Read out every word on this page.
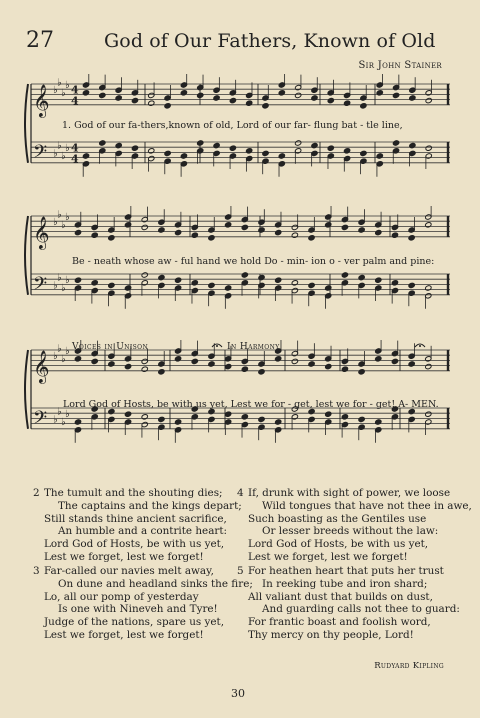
27	God of Our Fathers, Known of Old
Sir John Stainer
𝄞
𝄢
♭
♭
♭
♭
♭
♭
♭
♭
4
4
4
4
𝄞
𝄢
♭
♭
♭
♭
♭
♭
♭
♭
𝄞
𝄢
♭
♭
♭
♭
♭
♭
♭
♭
1. God of our fa-thers,known of old, Lord of our far- flung bat - tle line,
Be - neath whose aw - ful hand we hold Do - min- ion o - ver palm and pine:
Lord God of Hosts, be with us yet, Lest we for - get, lest we for - get! A- MEN.
Voices in Unison	In Harmony
2 The tumult and the shouting dies;
The captains and the kings depart;
Still stands thine ancient sacrifice,
An humble and a contrite heart:
Lord God of Hosts, be with us yet,
Lest we forget, lest we forget!
3 Far-called our navies melt away,
On dune and headland sinks the fire;
Lo, all our pomp of yesterday
Is one with Nineveh and Tyre!
Judge of the nations, spare us yet,
Lest we forget, lest we forget!
4 If, drunk with sight of power, we loose
Wild tongues that have not thee in awe,
Such boasting as the Gentiles use
Or lesser breeds without the law:
Lord God of Hosts, be with us yet,
Lest we forget, lest we forget!
5 For heathen heart that puts her trust
In reeking tube and iron shard;
All valiant dust that builds on dust,
And guarding calls not thee to guard:
For frantic boast and foolish word,
Thy mercy on thy people, Lord!
Rudyard Kipling
30
